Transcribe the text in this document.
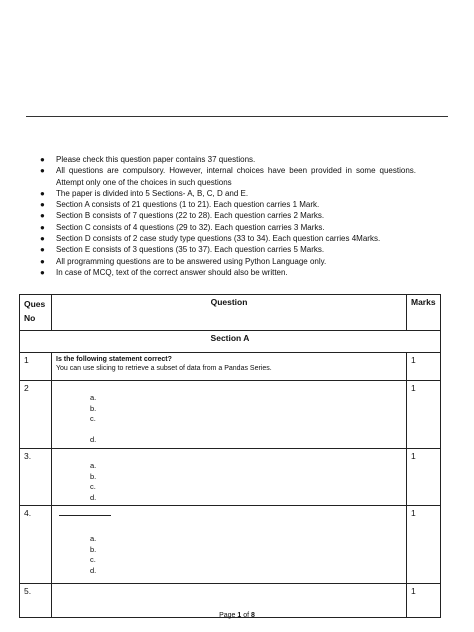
● Please check this question paper contains 37 questions.
● All questions are compulsory. However, internal choices have been provided in some questions. Attempt only one of the choices in such questions
● The paper is divided into 5 Sections- A, B, C, D and E.
● Section A consists of 21 questions (1 to 21). Each question carries 1 Mark.
● Section B consists of 7 questions (22 to 28). Each question carries 2 Marks.
● Section C consists of 4 questions (29 to 32). Each question carries 3 Marks.
● Section D consists of 2 case study type questions (33 to 34). Each question carries 4Marks.
● Section E consists of 3 questions (35 to 37). Each question carries 5 Marks.
● All programming questions are to be answered using Python Language only.
● In case of MCQ, text of the correct answer should also be written.
Ques
No	Question	Marks
Section A		
1	Is the following statement correct?
You can use slicing to retrieve a subset of data from a Pandas Series.	1
2	a.
b.
c.
d.	1
3.	a.
b.
c.
d.	1
4.	a.
b.
c.
d.	1
5.		1
Page 1 of 8
